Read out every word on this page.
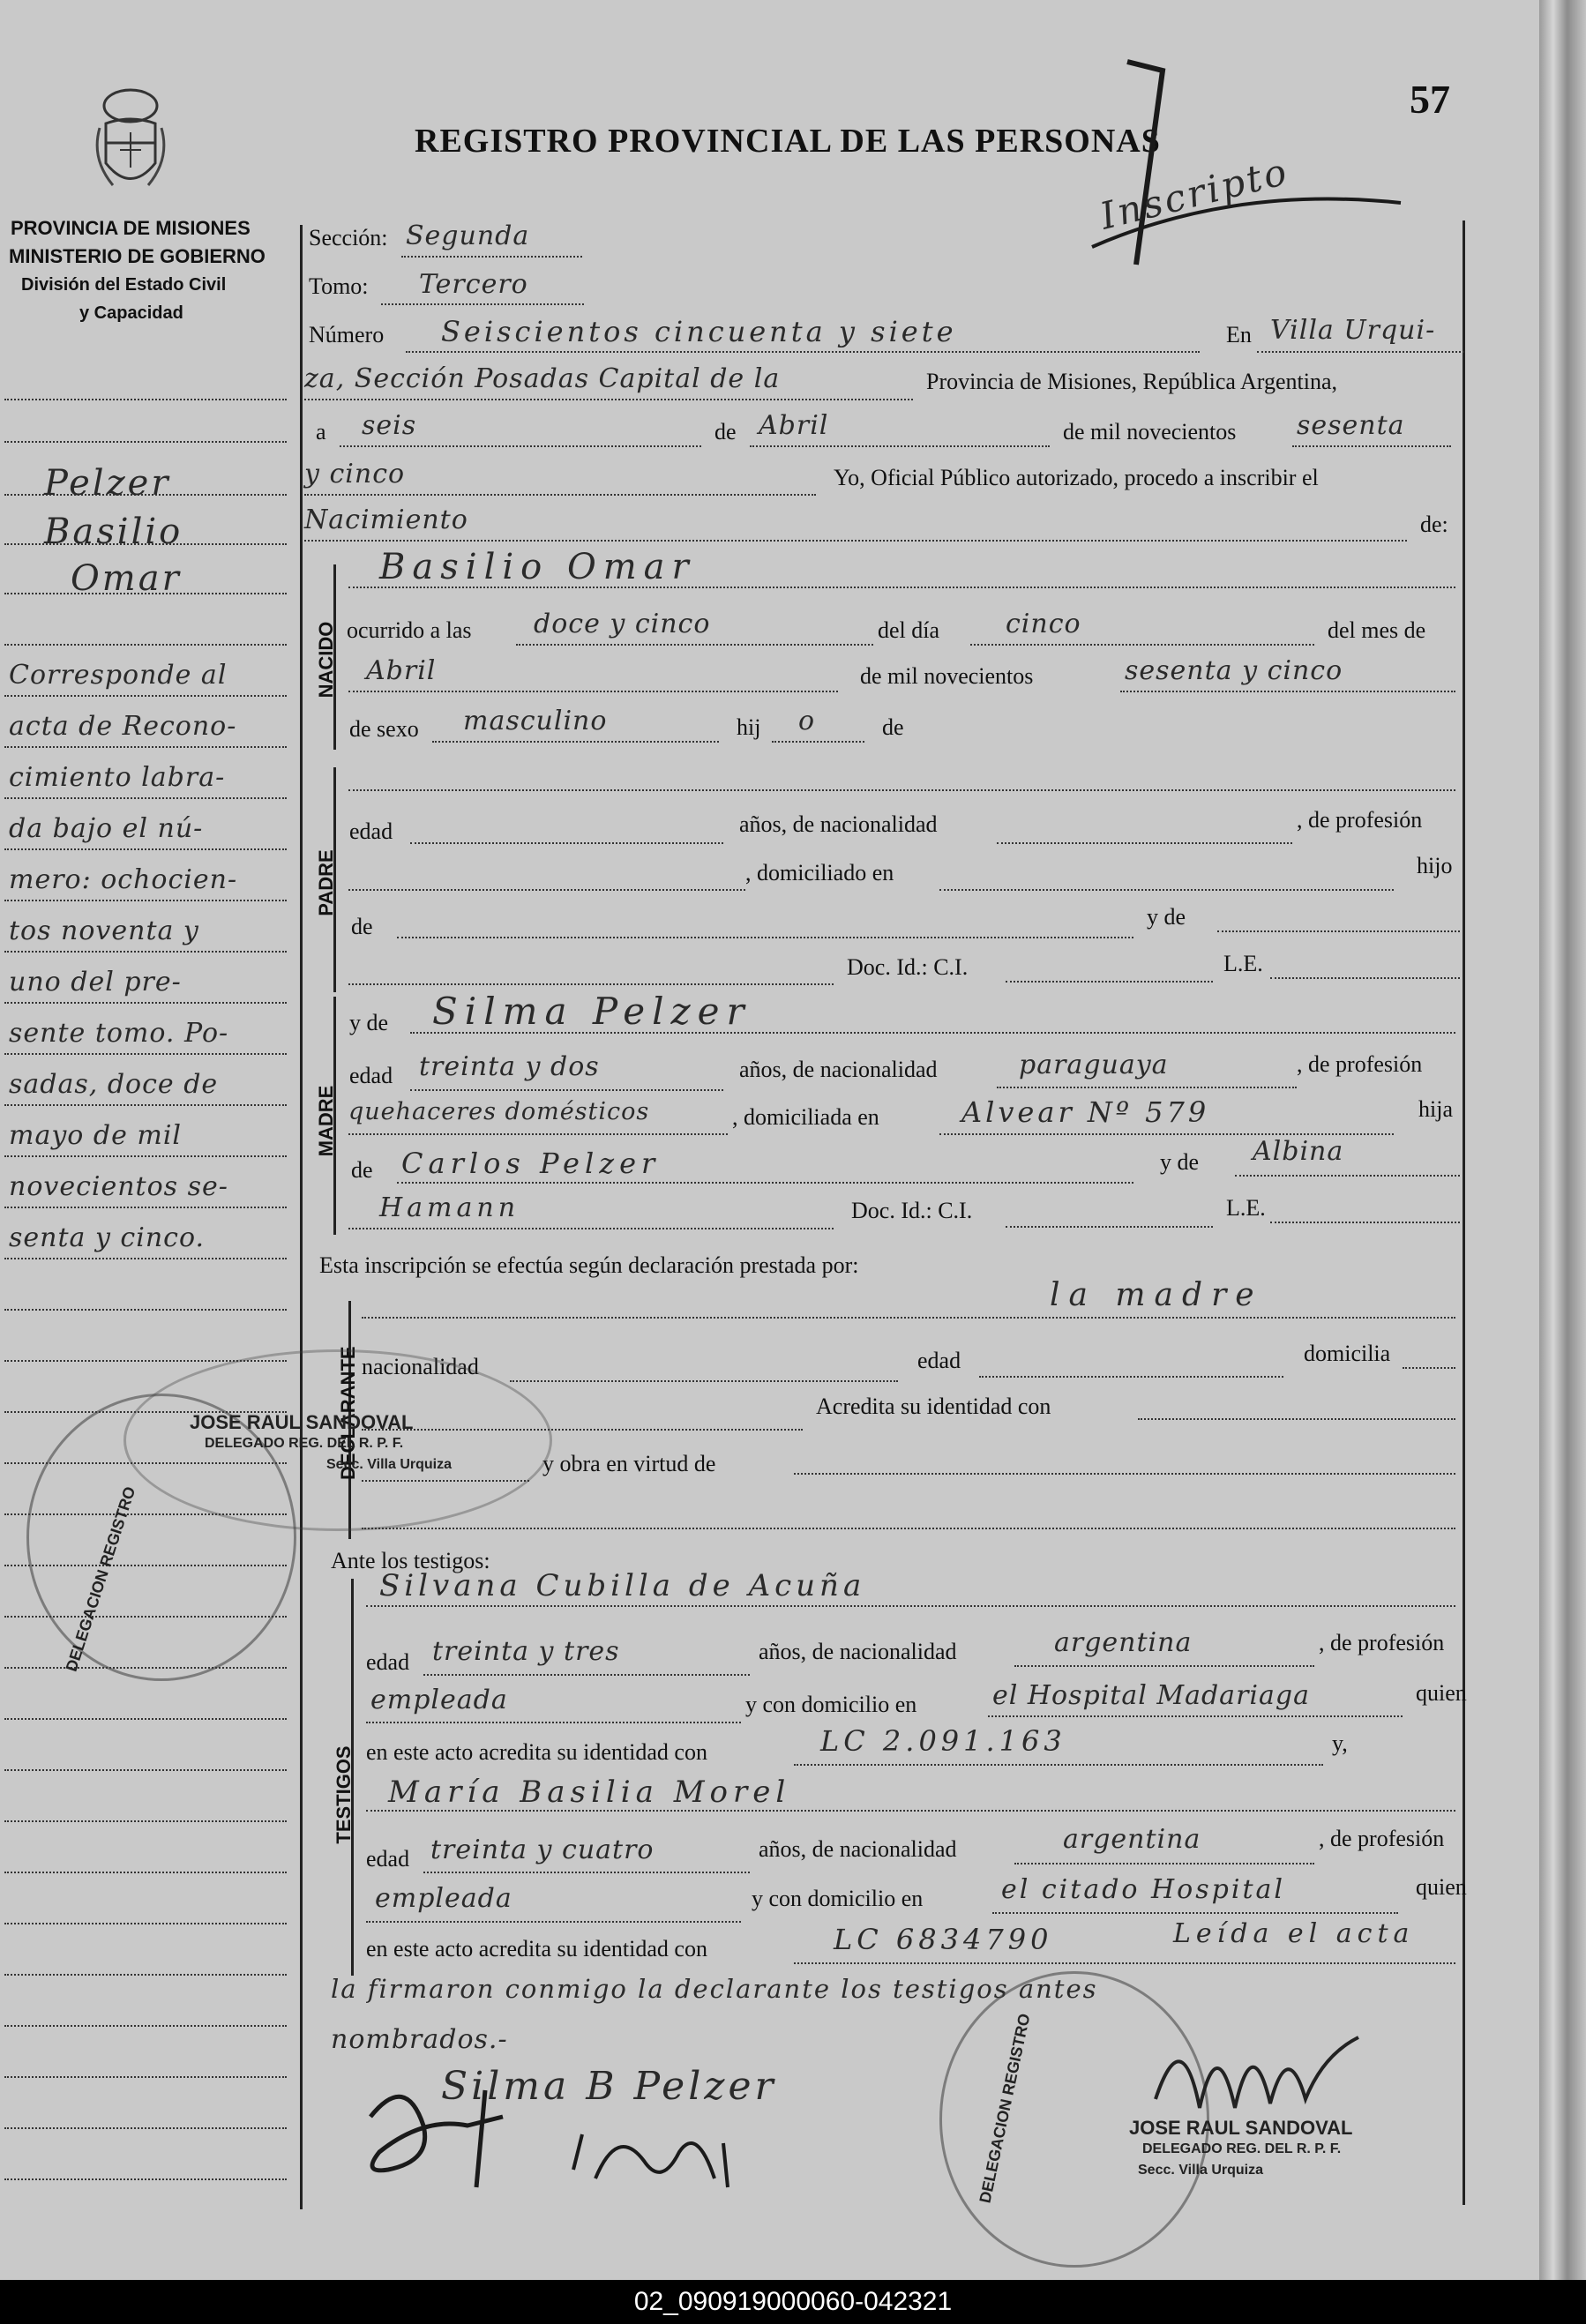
57
REGISTRO PROVINCIAL DE LAS PERSONAS
Inscripto
PROVINCIA DE MISIONES
MINISTERIO DE GOBIERNO
División del Estado Civil
y Capacidad
Pelzer
Basilio
Omar
Corresponde al
acta de Recono-
cimiento labra-
da bajo el nú-
mero: ochocien-
tos noventa y
uno del pre-
sente tomo. Po-
sadas, doce de
mayo de mil
novecientos se-
senta y cinco.
Sección: Segunda
Tomo: Tercero
Número Seiscientos cincuenta y siete	En Villa Urqui-
za, Sección Posadas Capital de la	Provincia de Misiones, República Argentina,
a seis	de Abril	de mil novecientos sesenta
y cinco	Yo, Oficial Público autorizado, procedo a inscribir el
Nacimiento	de:
NACIDO
Basilio Omar
ocurrido a las doce y cinco	del día cinco	del mes de
Abril	de mil novecientos	sesenta y cinco
de sexo masculino	hij o	de
PADRE
edad	años, de nacionalidad	, de profesión
, domiciliado en	hijo
de	y de
Doc. Id.: C.I.	L.E.
MADRE
y de Silma Pelzer
edad treinta y dos	años, de nacionalidad	paraguaya	, de profesión
quehaceres domésticos	, domiciliada en	Alvear Nº 579	hija
de Carlos Pelzer	y de Albina
Hamann	Doc. Id.: C.I.	L.E.
Esta inscripción se efectúa según declaración prestada por:
DECLARANTE
la madre
nacionalidad	edad	domicilia
Acredita su identidad con
y obra en virtud de
Ante los testigos:
TESTIGOS
Silvana Cubilla de Acuña
edad treinta y tres	años, de nacionalidad	argentina	, de profesión
empleada	y con domicilio en	el Hospital Madariaga	quien
en este acto acredita su identidad con	LC 2.091.163	y,
María Basilia Morel
edad treinta y cuatro	años, de nacionalidad	argentina	, de profesión
empleada	y con domicilio en	el citado Hospital	quien
en este acto acredita su identidad con	LC 6834790	Leída el acta
la firmaron conmigo la declarante los testigos antes
nombrados.-
Silma B Pelzer
JOSE RAUL SANDOVAL
DELEGADO REG. DEL R. P. F.
Secc. Villa Urquiza
DELEGACION REGISTRO
JOSE RAUL SANDOVAL
DELEGADO REG. DEL R. P. F.
Secc. Villa Urquiza
DELEGACION REGISTRO
02_090919000060-042321
